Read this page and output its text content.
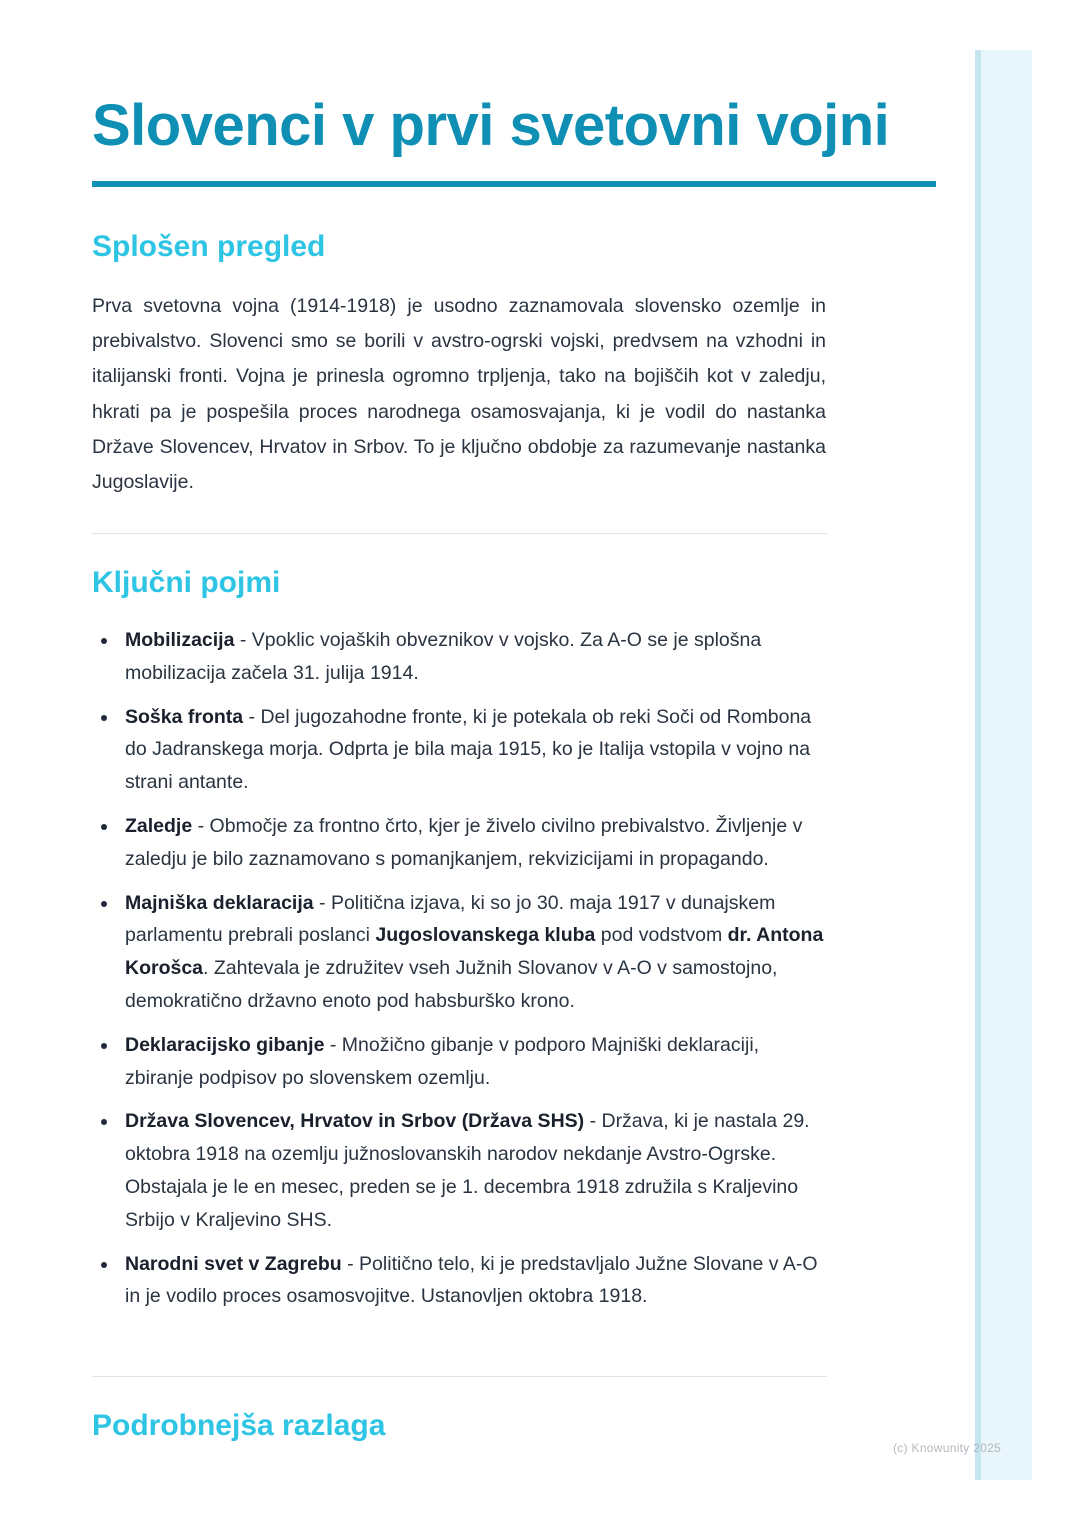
Slovenci v prvi svetovni vojni
Splošen pregled

Prva svetovna vojna (1914-1918) je usodno zaznamovala slovensko ozemlje in prebivalstvo. Slovenci smo se borili v avstro-ogrski vojski, predvsem na vzhodni in italijanski fronti. Vojna je prinesla ogromno trpljenja, tako na bojiščih kot v zaledju, hkrati pa je pospešila proces narodnega osamosvajanja, ki je vodil do nastanka Države Slovencev, Hrvatov in Srbov. To je ključno obdobje za razumevanje nastanka Jugoslavije.

Ključni pojmi
Mobilizacija - Vpoklic vojaških obveznikov v vojsko. Za A-O se je splošna mobilizacija začela 31. julija 1914.
Soška fronta - Del jugozahodne fronte, ki je potekala ob reki Soči od Rombona do Jadranskega morja. Odprta je bila maja 1915, ko je Italija vstopila v vojno na strani antante.
Zaledje - Območje za frontno črto, kjer je živelo civilno prebivalstvo. Življenje v zaledju je bilo zaznamovano s pomanjkanjem, rekvizicijami in propagando.
Majniška deklaracija - Politična izjava, ki so jo 30. maja 1917 v dunajskem parlamentu prebrali poslanci Jugoslovanskega kluba pod vodstvom dr. Antona Korošca. Zahtevala je združitev vseh Južnih Slovanov v A-O v samostojno, demokratično državno enoto pod habsburško krono.
Deklaracijsko gibanje - Množično gibanje v podporo Majniški deklaraciji, zbiranje podpisov po slovenskem ozemlju.
Država Slovencev, Hrvatov in Srbov (Država SHS) - Država, ki je nastala 29. oktobra 1918 na ozemlju južnoslovanskih narodov nekdanje Avstro-Ogrske. Obstajala je le en mesec, preden se je 1. decembra 1918 združila s Kraljevino Srbijo v Kraljevino SHS.
Narodni svet v Zagrebu - Politično telo, ki je predstavljalo Južne Slovane v A-O in je vodilo proces osamosvojitve. Ustanovljen oktobra 1918.
Podrobnejša razlaga
(c) Knowunity 2025
